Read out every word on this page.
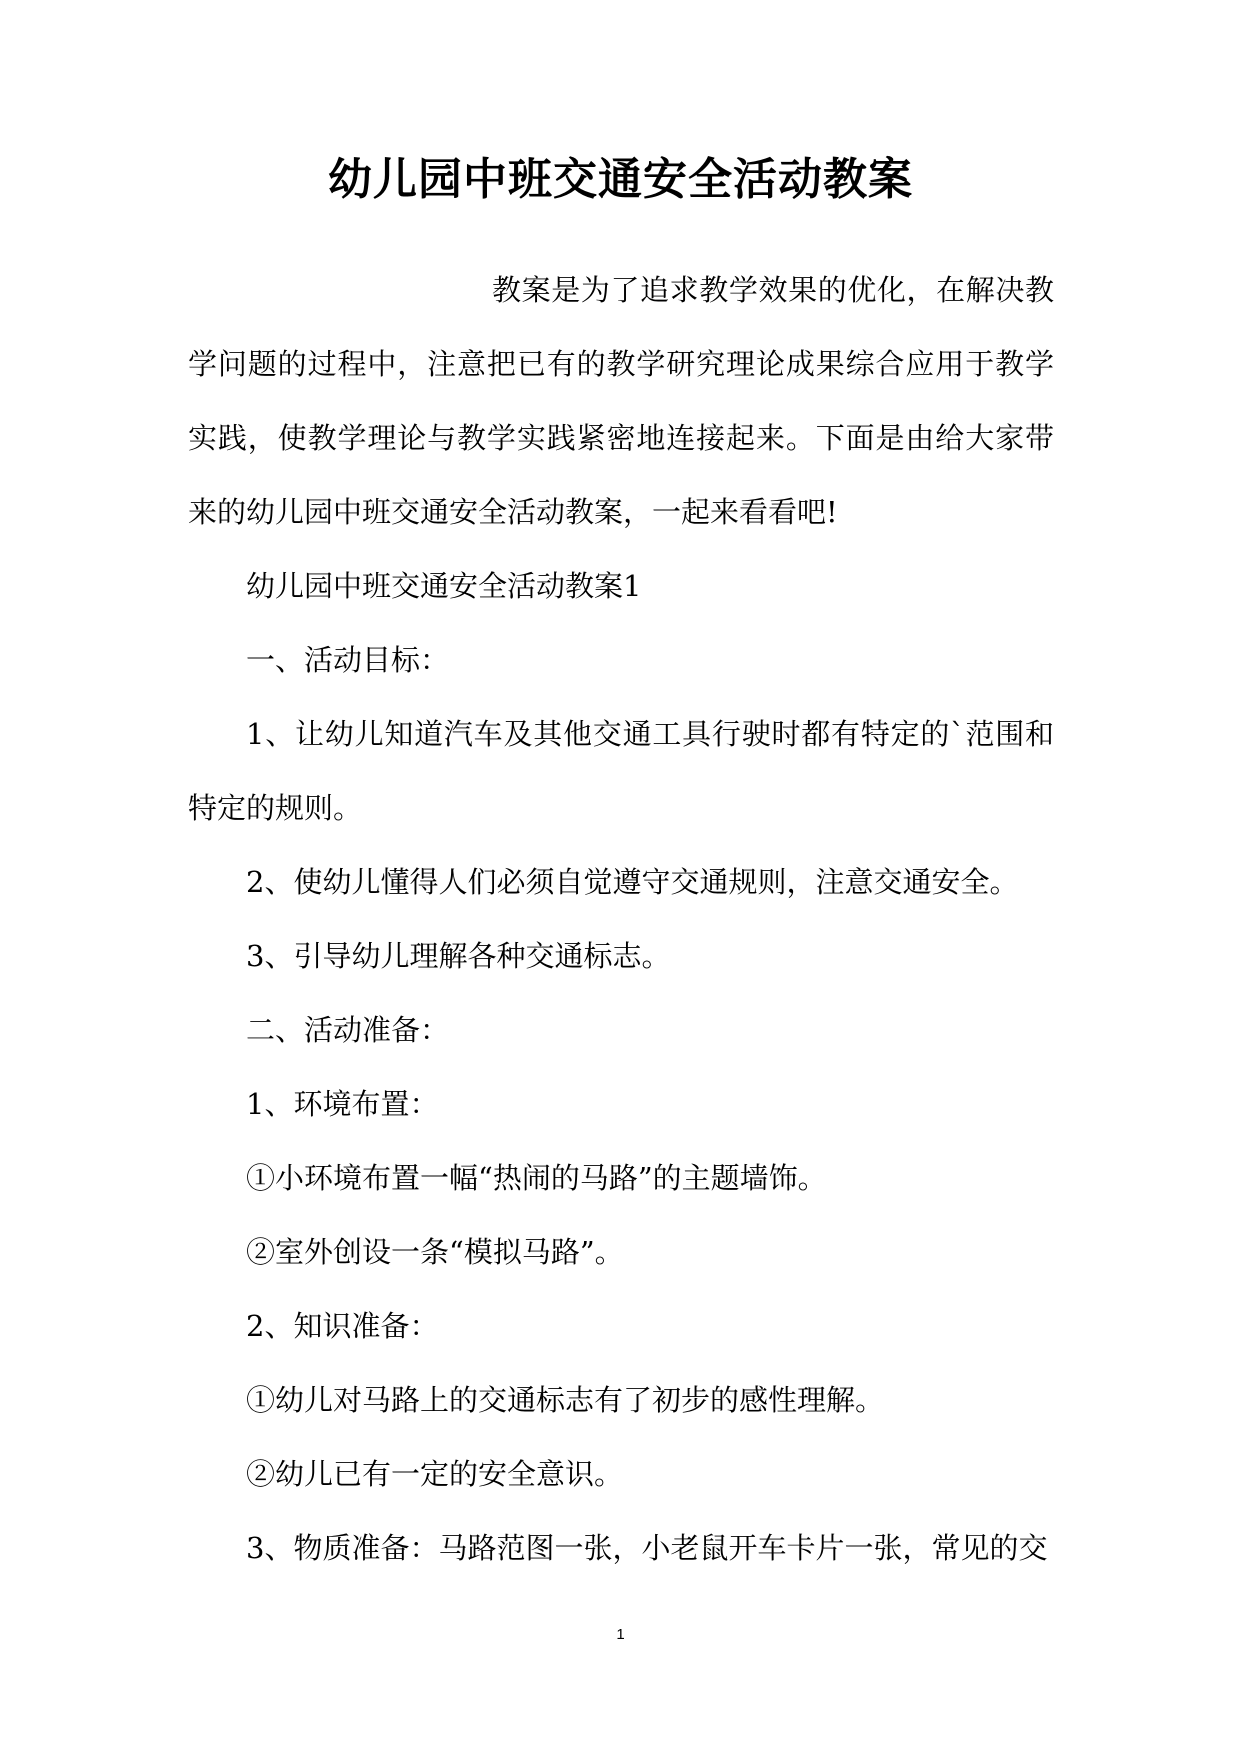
幼儿园中班交通安全活动教案

教案是为了追求教学效果的优化，在解决教学问题的过程中，注意把已有的教学研究理论成果综合应用于教学实践，使教学理论与教学实践紧密地连接起来。下面是由给大家带来的幼儿园中班交通安全活动教案，一起来看看吧!

幼儿园中班交通安全活动教案1

一、活动目标：

1、让幼儿知道汽车及其他交通工具行驶时都有特定的`范围和特定的规则。

2、使幼儿懂得人们必须自觉遵守交通规则，注意交通安全。

3、引导幼儿理解各种交通标志。

二、活动准备：

1、环境布置：

①小环境布置一幅“热闹的马路”的主题墙饰。

②室外创设一条“模拟马路”。

2、知识准备：

①幼儿对马路上的交通标志有了初步的感性理解。

②幼儿已有一定的安全意识。

3、物质准备：马路范图一张，小老鼠开车卡片一张，常见的交

1
